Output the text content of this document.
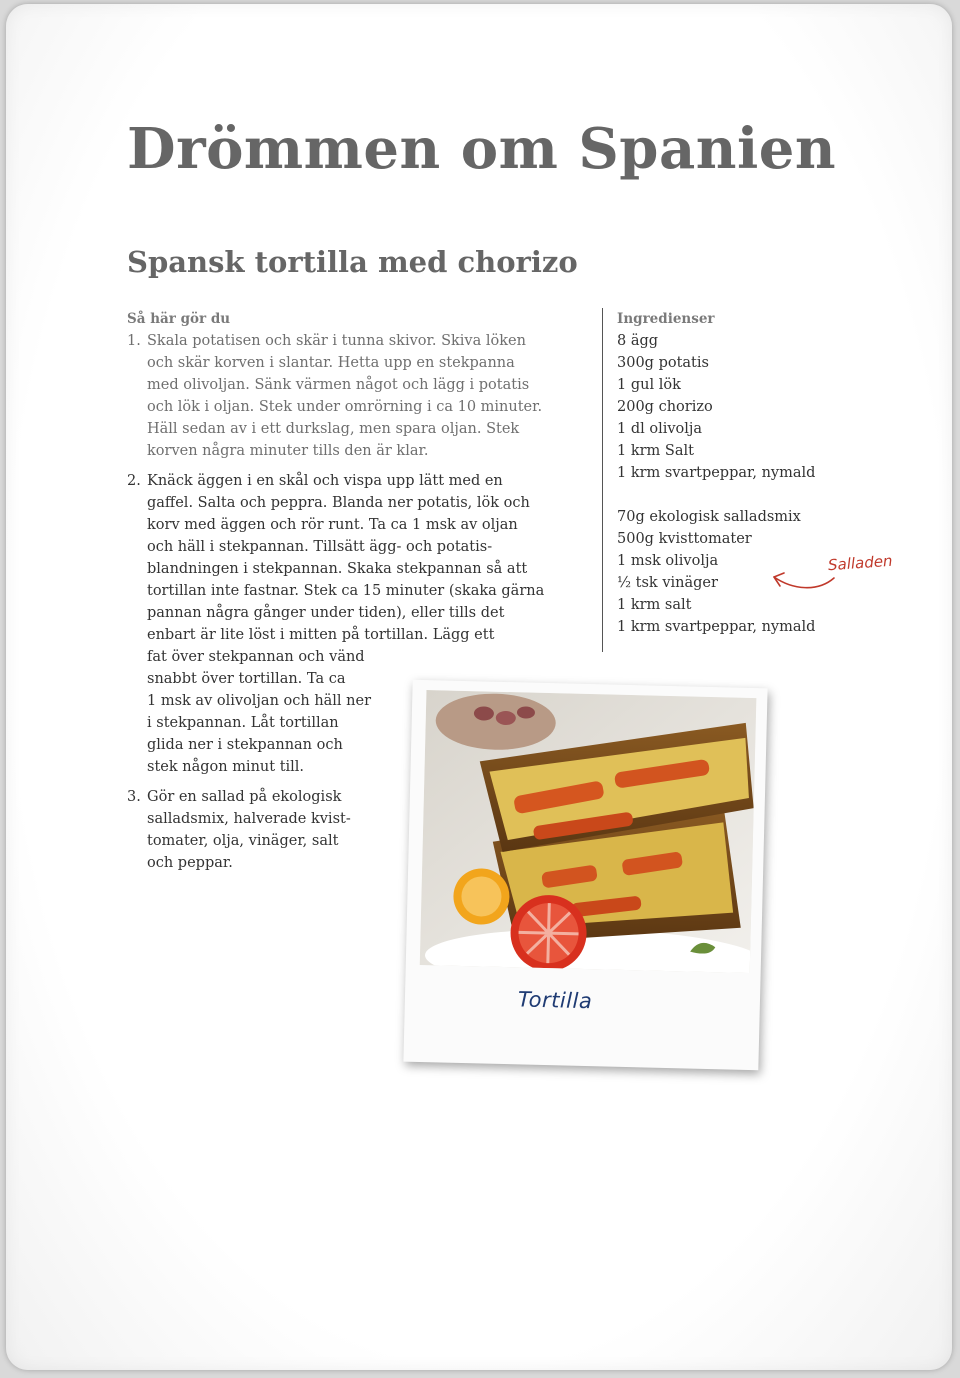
Drömmen om Spanien
Spansk tortilla med chorizo
Så här gör du
1. Skala potatisen och skär i tunna skivor. Skiva löken
och skär korven i slantar. Hetta upp en stekpanna
med olivoljan. Sänk värmen något och lägg i potatis
och lök i oljan. Stek under omrörning i ca 10 minuter.
Häll sedan av i ett durkslag, men spara oljan. Stek
korven några minuter tills den är klar.
2. Knäck äggen i en skål och vispa upp lätt med en
gaffel. Salta och peppra. Blanda ner potatis, lök och
korv med äggen och rör runt. Ta ca 1 msk av oljan
och häll i stekpannan. Tillsätt ägg- och potatis-
blandningen i stekpannan. Skaka stekpannan så att
tortillan inte fastnar. Stek ca 15 minuter (skaka gärna
pannan några gånger under tiden), eller tills det
enbart är lite löst i mitten på tortillan. Lägg ett
fat över stekpannan och vänd
snabbt över tortillan. Ta ca
1 msk av olivoljan och häll ner
i stekpannan. Låt tortillan
glida ner i stekpannan och
stek någon minut till.
3. Gör en sallad på ekologisk
salladsmix, halverade kvist-
tomater, olja, vinäger, salt
och peppar.
Ingredienser
8 ägg
300g potatis
1 gul lök
200g chorizo
1 dl olivolja
1 krm Salt
1 krm svartpeppar, nymald
70g ekologisk salladsmix
500g kvisttomater
1 msk olivolja
½ tsk vinäger
1 krm salt
1 krm svartpeppar, nymald
Salladen
Tortilla
